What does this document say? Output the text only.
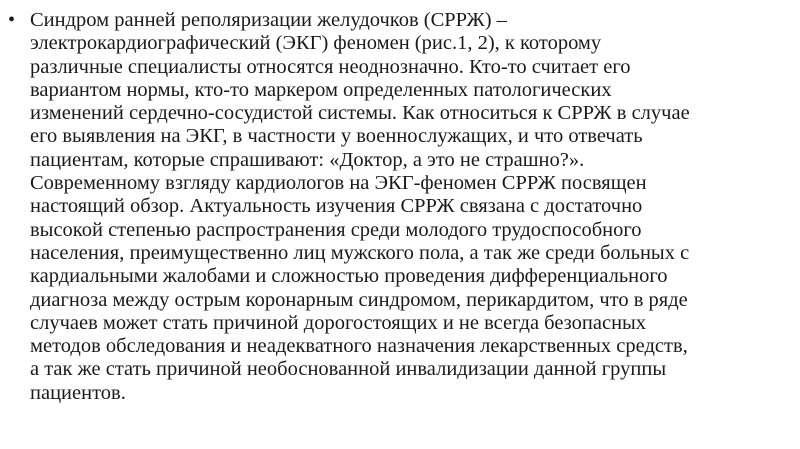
• Синдром ранней реполяризации желудочков (СРРЖ) –
электрокардиографический (ЭКГ) феномен (рис.1, 2), к которому
различные специалисты относятся неоднозначно. Кто-то считает его
вариантом нормы, кто-то маркером определенных патологических
изменений сердечно-сосудистой системы. Как относиться к СРРЖ в случае
его выявления на ЭКГ, в частности у военнослужащих, и что отвечать
пациентам, которые спрашивают: «Доктор, а это не страшно?».
Современному взгляду кардиологов на ЭКГ-феномен СРРЖ посвящен
настоящий обзор. Актуальность изучения СРРЖ связана с достаточно
высокой степенью распространения среди молодого трудоспособного
населения, преимущественно лиц мужского пола, а так же среди больных с
кардиальными жалобами и сложностью проведения дифференциального
диагноза между острым коронарным синдромом, перикардитом, что в ряде
случаев может стать причиной дорогостоящих и не всегда безопасных
методов обследования и неадекватного назначения лекарственных средств,
а так же стать причиной необоснованной инвалидизации данной группы
пациентов.
